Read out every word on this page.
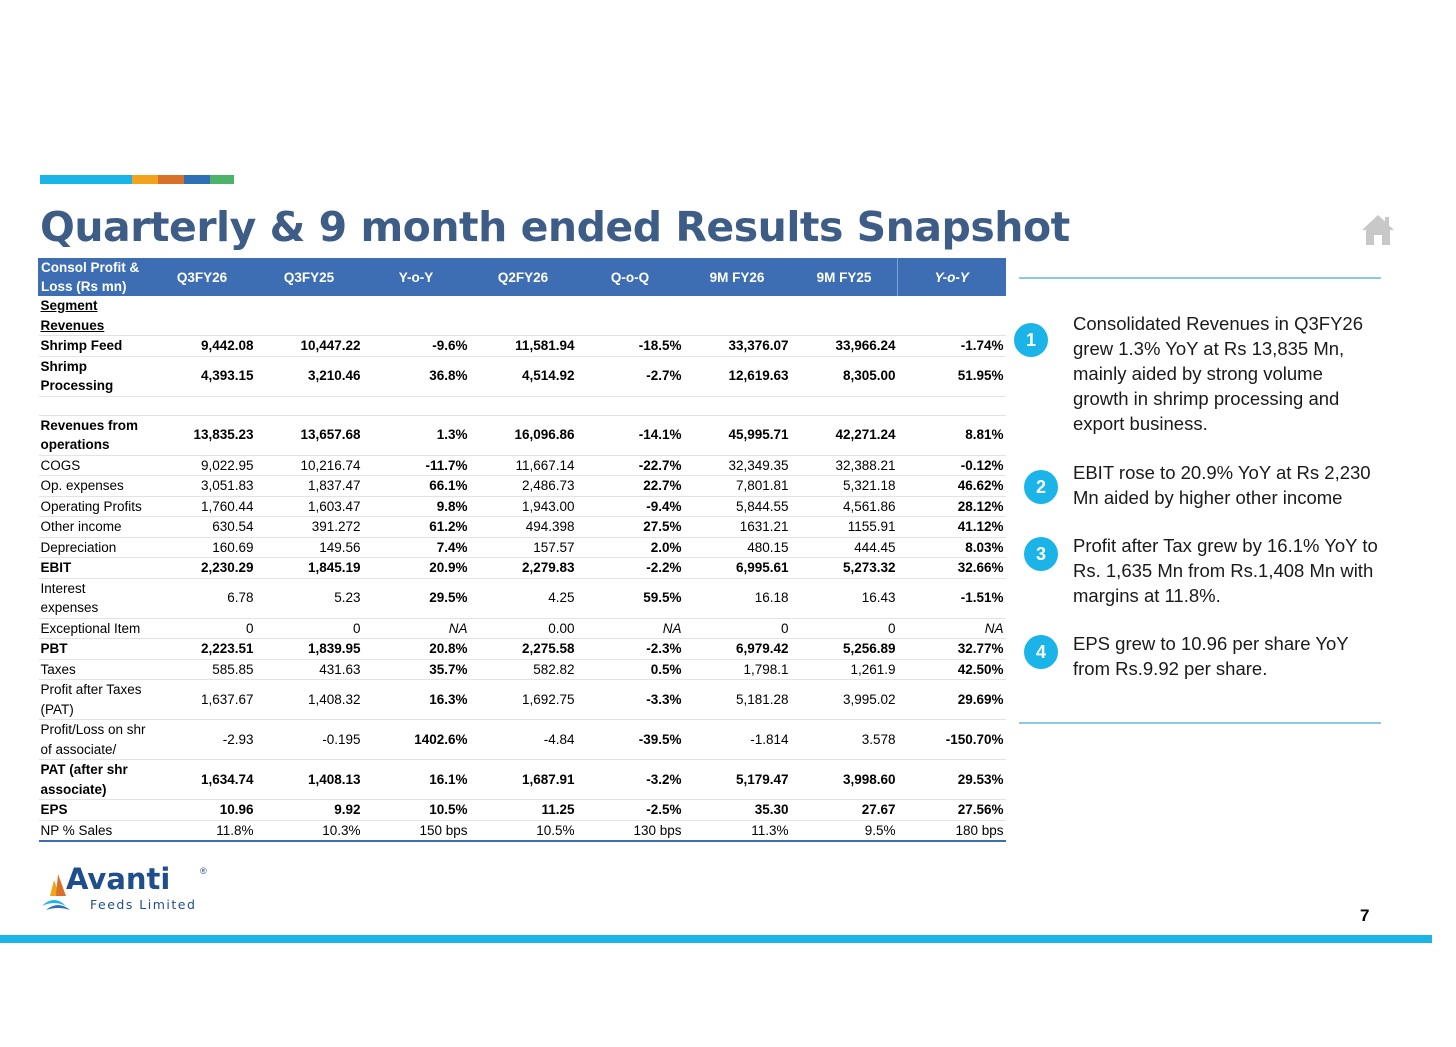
Quarterly & 9 month ended Results Snapshot
Consol Profit & Loss (Rs mn)	Q3FY26	Q3FY25	Y-o-Y	Q2FY26	Q-o-Q	9M FY26	9M FY25	Y-o-Y
Segment Revenues								
Shrimp Feed	9,442.08	10,447.22	-9.6%	11,581.94	-18.5%	33,376.07	33,966.24	-1.74%
Shrimp Processing	4,393.15	3,210.46	36.8%	4,514.92	-2.7%	12,619.63	8,305.00	51.95%

Revenues from operations	13,835.23	13,657.68	1.3%	16,096.86	-14.1%	45,995.71	42,271.24	8.81%
COGS	9,022.95	10,216.74	-11.7%	11,667.14	-22.7%	32,349.35	32,388.21	-0.12%
Op. expenses	3,051.83	1,837.47	66.1%	2,486.73	22.7%	7,801.81	5,321.18	46.62%
Operating Profits	1,760.44	1,603.47	9.8%	1,943.00	-9.4%	5,844.55	4,561.86	28.12%
Other income	630.54	391.272	61.2%	494.398	27.5%	1631.21	1155.91	41.12%
Depreciation	160.69	149.56	7.4%	157.57	2.0%	480.15	444.45	8.03%
EBIT	2,230.29	1,845.19	20.9%	2,279.83	-2.2%	6,995.61	5,273.32	32.66%
Interest expenses	6.78	5.23	29.5%	4.25	59.5%	16.18	16.43	-1.51%
Exceptional Item	0	0	NA	0.00	NA	0	0	NA
PBT	2,223.51	1,839.95	20.8%	2,275.58	-2.3%	6,979.42	5,256.89	32.77%
Taxes	585.85	431.63	35.7%	582.82	0.5%	1,798.1	1,261.9	42.50%
Profit after Taxes (PAT)	1,637.67	1,408.32	16.3%	1,692.75	-3.3%	5,181.28	3,995.02	29.69%
Profit/Loss on shr of associate/	-2.93	-0.195	1402.6%	-4.84	-39.5%	-1.814	3.578	-150.70%
PAT (after shr associate)	1,634.74	1,408.13	16.1%	1,687.91	-3.2%	5,179.47	3,998.60	29.53%
EPS	10.96	9.92	10.5%	11.25	-2.5%	35.30	27.67	27.56%
NP % Sales	11.8%	10.3%	150 bps	10.5%	130 bps	11.3%	9.5%	180 bps
1
Consolidated Revenues in Q3FY26 grew 1.3% YoY at Rs 13,835 Mn, mainly aided by strong volume growth in shrimp processing and export business.
2
EBIT rose to 20.9% YoY at Rs 2,230 Mn aided by higher other income
3	Profit after Tax grew by 16.1% YoY to Rs. 1,635 Mn from Rs.1,408 Mn with margins at 11.8%.
4	EPS grew to 10.96 per share YoY from Rs.9.92 per share.
Avanti	®
Feeds Limited
7
